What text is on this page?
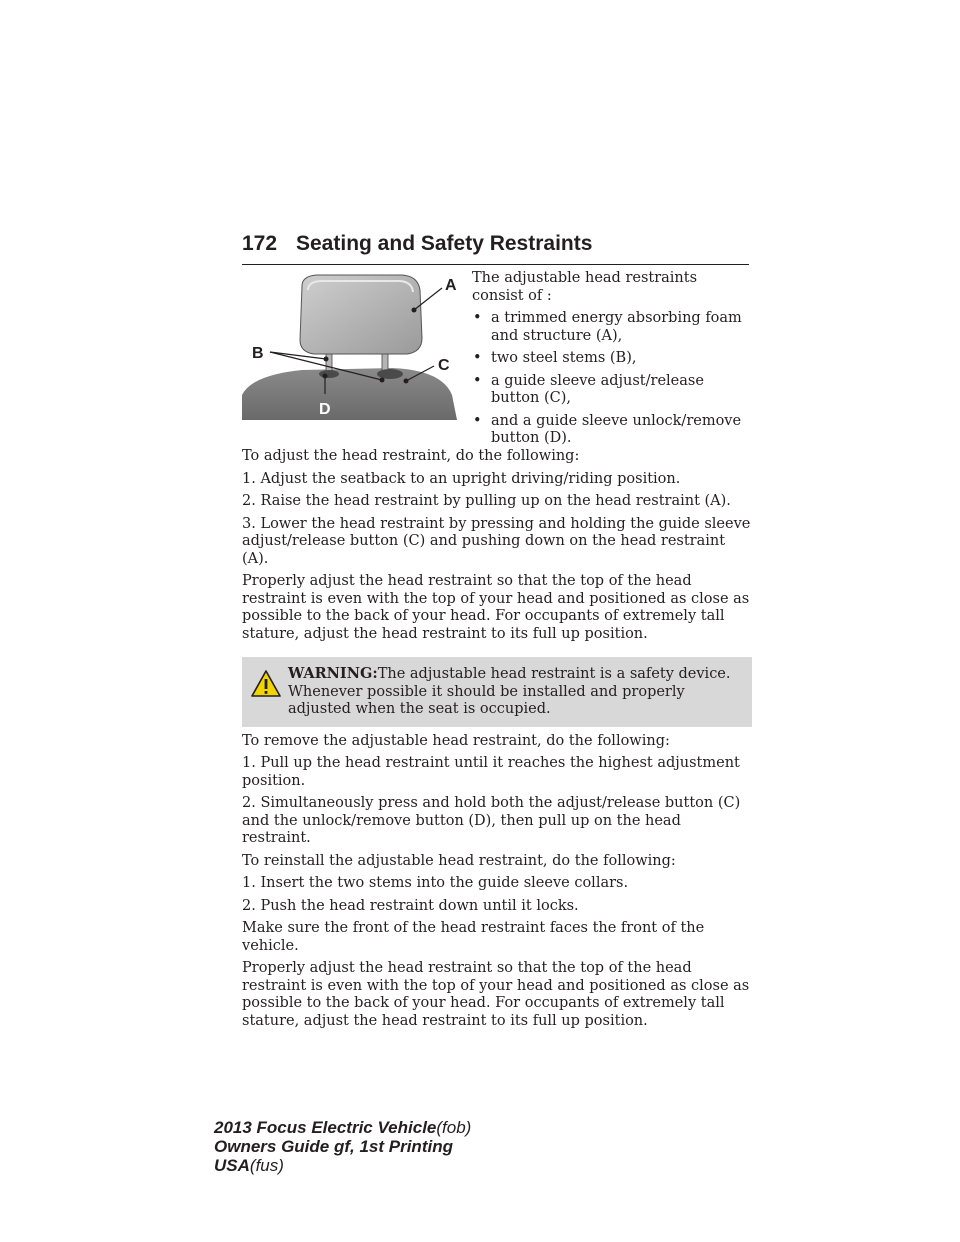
172 Seating and Safety Restraints
A
B
C
D

The adjustable head restraints consist of :

• a trimmed energy absorbing foam and structure (A),
• two steel stems (B),
• a guide sleeve adjust/release button (C),
• and a guide sleeve unlock/remove button (D).

To adjust the head restraint, do the following:

1. Adjust the seatback to an upright driving/riding position.

2. Raise the head restraint by pulling up on the head restraint (A).

3. Lower the head restraint by pressing and holding the guide sleeve adjust/release button (C) and pushing down on the head restraint (A).

Properly adjust the head restraint so that the top of the head restraint is even with the top of your head and positioned as close as possible to the back of your head. For occupants of extremely tall stature, adjust the head restraint to its full up position.

WARNING:The adjustable head restraint is a safety device.
Whenever possible it should be installed and properly adjusted when the seat is occupied.

To remove the adjustable head restraint, do the following:

1. Pull up the head restraint until it reaches the highest adjustment position.

2. Simultaneously press and hold both the adjust/release button (C) and the unlock/remove button (D), then pull up on the head restraint.

To reinstall the adjustable head restraint, do the following:

1. Insert the two stems into the guide sleeve collars.

2. Push the head restraint down until it locks.

Make sure the front of the head restraint faces the front of the vehicle.

Properly adjust the head restraint so that the top of the head restraint is even with the top of your head and positioned as close as possible to the back of your head. For occupants of extremely tall stature, adjust the head restraint to its full up position.

2013 Focus Electric Vehicle(fob)
Owners Guide gf, 1st Printing
USA(fus)
